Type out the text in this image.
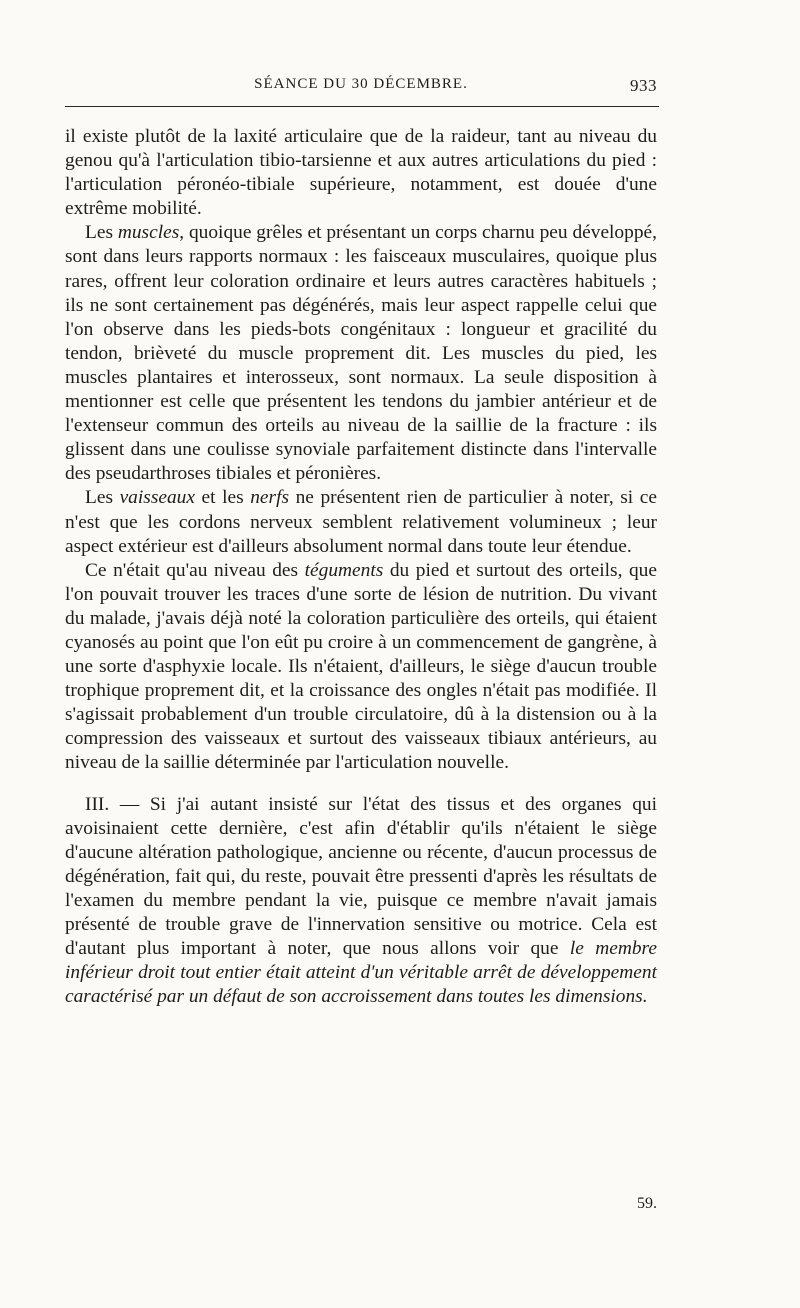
SÉANCE DU 30 DÉCEMBRE.	933

il existe plutôt de la laxité articulaire que de la raideur, tant au niveau du genou qu'à l'articulation tibio-tarsienne et aux autres articulations du pied : l'articulation péronéo-tibiale supérieure, notamment, est douée d'une extrême mobilité.

Les muscles, quoique grêles et présentant un corps charnu peu développé, sont dans leurs rapports normaux : les faisceaux musculaires, quoique plus rares, offrent leur coloration ordinaire et leurs autres caractères habituels ; ils ne sont certainement pas dégénérés, mais leur aspect rappelle celui que l'on observe dans les pieds-bots congénitaux : longueur et gracilité du tendon, brièveté du muscle proprement dit. Les muscles du pied, les muscles plantaires et interosseux, sont normaux. La seule disposition à mentionner est celle que présentent les tendons du jambier antérieur et de l'extenseur commun des orteils au niveau de la saillie de la fracture : ils glissent dans une coulisse synoviale parfaitement distincte dans l'intervalle des pseudarthroses tibiales et péronières.

Les vaisseaux et les nerfs ne présentent rien de particulier à noter, si ce n'est que les cordons nerveux semblent relativement volumineux ; leur aspect extérieur est d'ailleurs absolument normal dans toute leur étendue.

Ce n'était qu'au niveau des téguments du pied et surtout des orteils, que l'on pouvait trouver les traces d'une sorte de lésion de nutrition. Du vivant du malade, j'avais déjà noté la coloration particulière des orteils, qui étaient cyanosés au point que l'on eût pu croire à un commencement de gangrène, à une sorte d'asphyxie locale. Ils n'étaient, d'ailleurs, le siège d'aucun trouble trophique proprement dit, et la croissance des ongles n'était pas modifiée. Il s'agissait probablement d'un trouble circulatoire, dû à la distension ou à la compression des vaisseaux et surtout des vaisseaux tibiaux antérieurs, au niveau de la saillie déterminée par l'articulation nouvelle.

III. — Si j'ai autant insisté sur l'état des tissus et des organes qui avoisinaient cette dernière, c'est afin d'établir qu'ils n'étaient le siège d'aucune altération pathologique, ancienne ou récente, d'aucun processus de dégénération, fait qui, du reste, pouvait être pressenti d'après les résultats de l'examen du membre pendant la vie, puisque ce membre n'avait jamais présenté de trouble grave de l'innervation sensitive ou motrice. Cela est d'autant plus important à noter, que nous allons voir que le membre inférieur droit tout entier était atteint d'un véritable arrêt de développement caractérisé par un défaut de son accroissement dans toutes les dimensions.

59.
